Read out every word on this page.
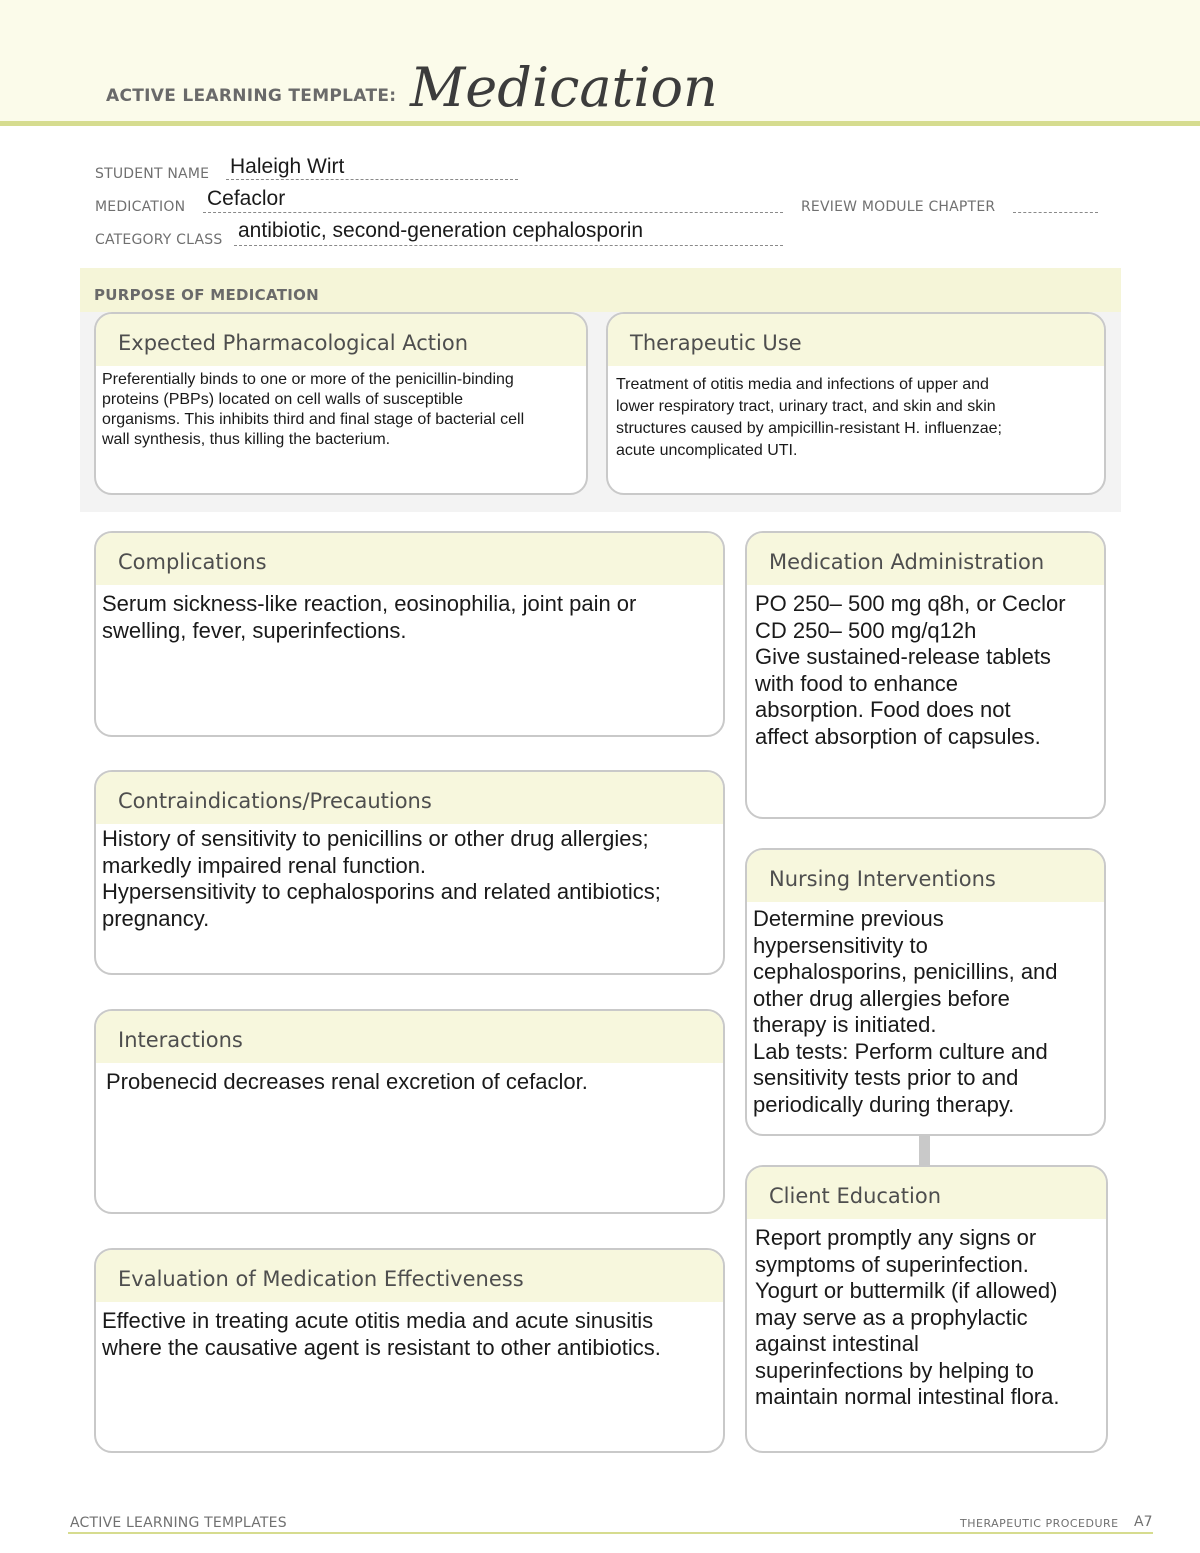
ACTIVE LEARNING TEMPLATE: Medication
STUDENT NAME Haleigh Wirt
MEDICATION Cefaclor	REVIEW MODULE CHAPTER
CATEGORY CLASS antibiotic, second-generation cephalosporin
PURPOSE OF MEDICATION
Expected Pharmacological Action
Preferentially binds to one or more of the penicillin-binding
proteins (PBPs) located on cell walls of susceptible
organisms. This inhibits third and final stage of bacterial cell
wall synthesis, thus killing the bacterium.
Therapeutic Use
Treatment of otitis media and infections of upper and
lower respiratory tract, urinary tract, and skin and skin
structures caused by ampicillin-resistant H. influenzae;
acute uncomplicated UTI.
Complications
Serum sickness-like reaction, eosinophilia, joint pain or
swelling, fever, superinfections.
Contraindications/Precautions
History of sensitivity to penicillins or other drug allergies;
markedly impaired renal function.
Hypersensitivity to cephalosporins and related antibiotics;
pregnancy.
Interactions
Probenecid decreases renal excretion of cefaclor.
Evaluation of Medication Effectiveness
Effective in treating acute otitis media and acute sinusitis
where the causative agent is resistant to other antibiotics.
Medication Administration
PO 250– 500 mg q8h, or Ceclor
CD 250– 500 mg/q12h
Give sustained-release tablets
with food to enhance
absorption. Food does not
affect absorption of capsules.
Nursing Interventions
Determine previous
hypersensitivity to
cephalosporins, penicillins, and
other drug allergies before
therapy is initiated.
Lab tests: Perform culture and
sensitivity tests prior to and
periodically during therapy.
Client Education
Report promptly any signs or
symptoms of superinfection.
Yogurt or buttermilk (if allowed)
may serve as a prophylactic
against intestinal
superinfections by helping to
maintain normal intestinal flora.
ACTIVE LEARNING TEMPLATES	THERAPEUTIC PROCEDURE A7
